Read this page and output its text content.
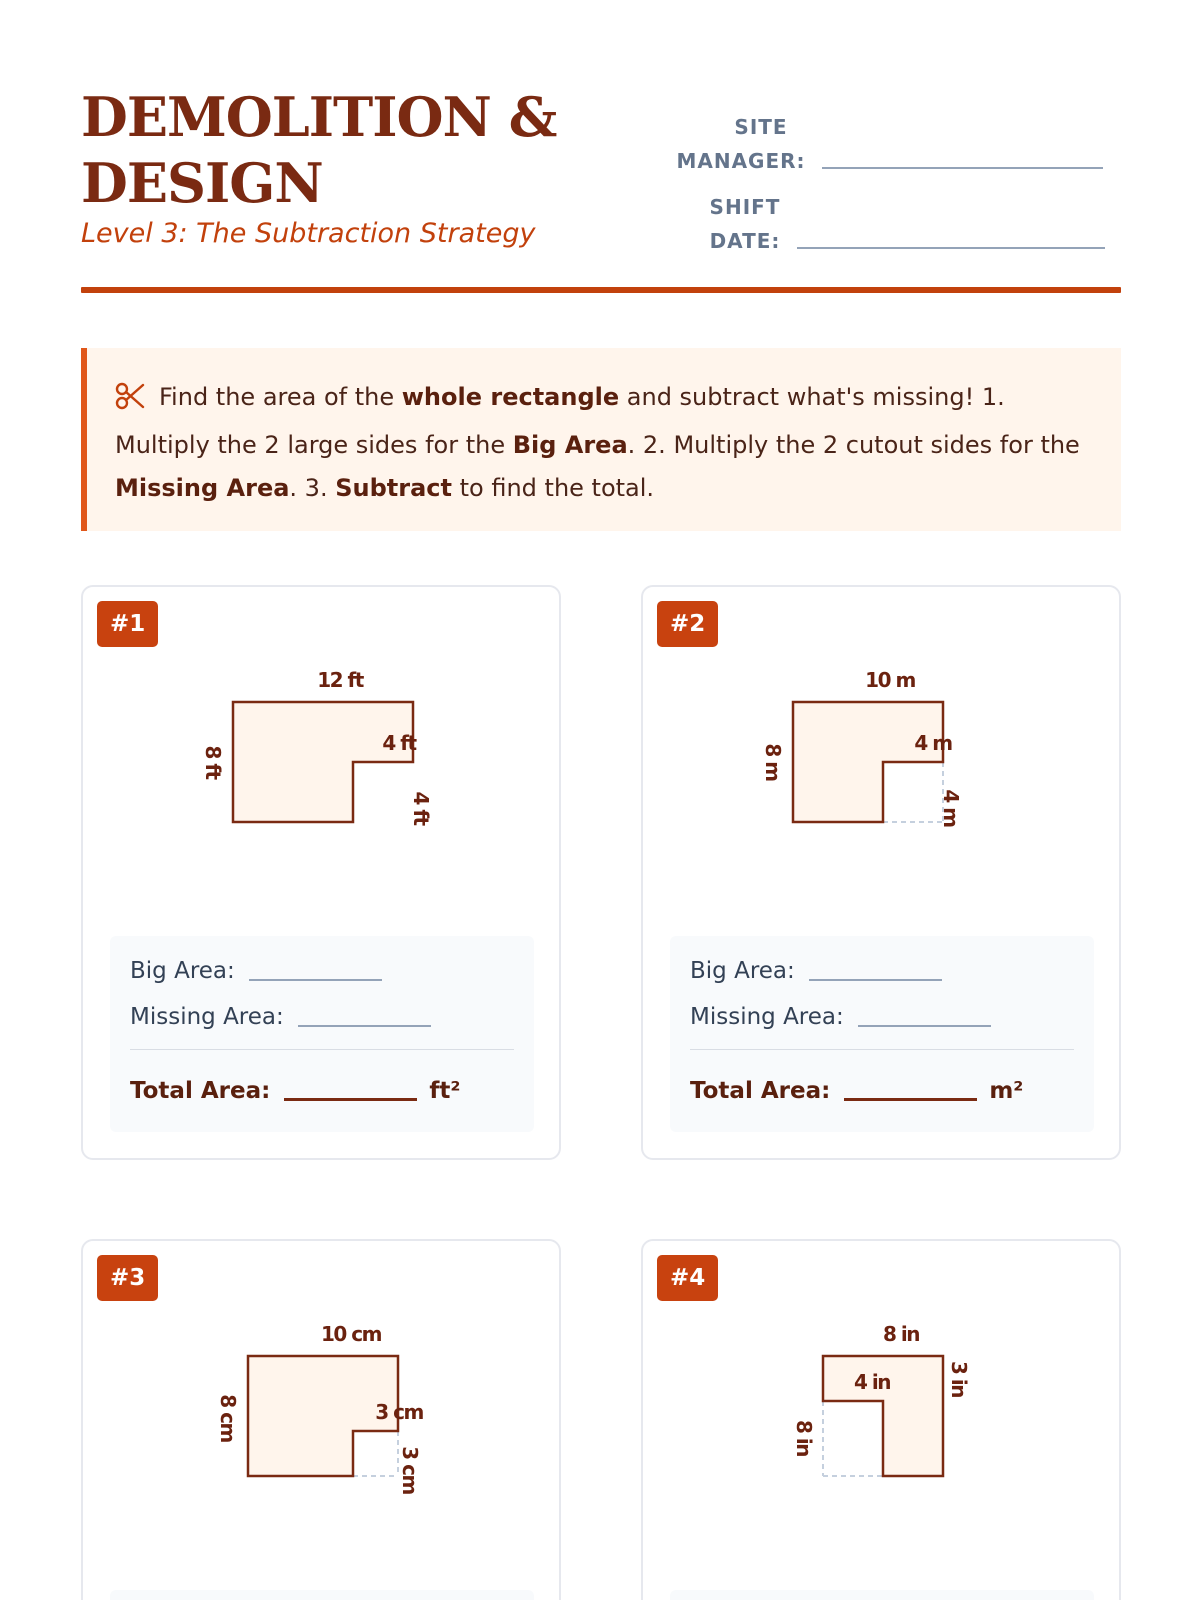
DEMOLITION &
DESIGN
Level 3: The Subtraction Strategy
SITE
MANAGER:
SHIFT
DATE:
Find the area of the whole rectangle and subtract what's missing! 1. Multiply the 2 large sides for the Big Area. 2. Multiply the 2 cutout sides for the Missing Area. 3. Subtract to find the total.
#1
12 ft
8 ft
4 ft
4 ft
Big Area:
Missing Area:
Total Area:	ft²
#2
10 m
8 m
4 m
4 m
Big Area:
Missing Area:
Total Area:	m²
#3
10 cm
8 cm	3 cm
3 cm
#4
8 in
8 in
4 in	3 in
